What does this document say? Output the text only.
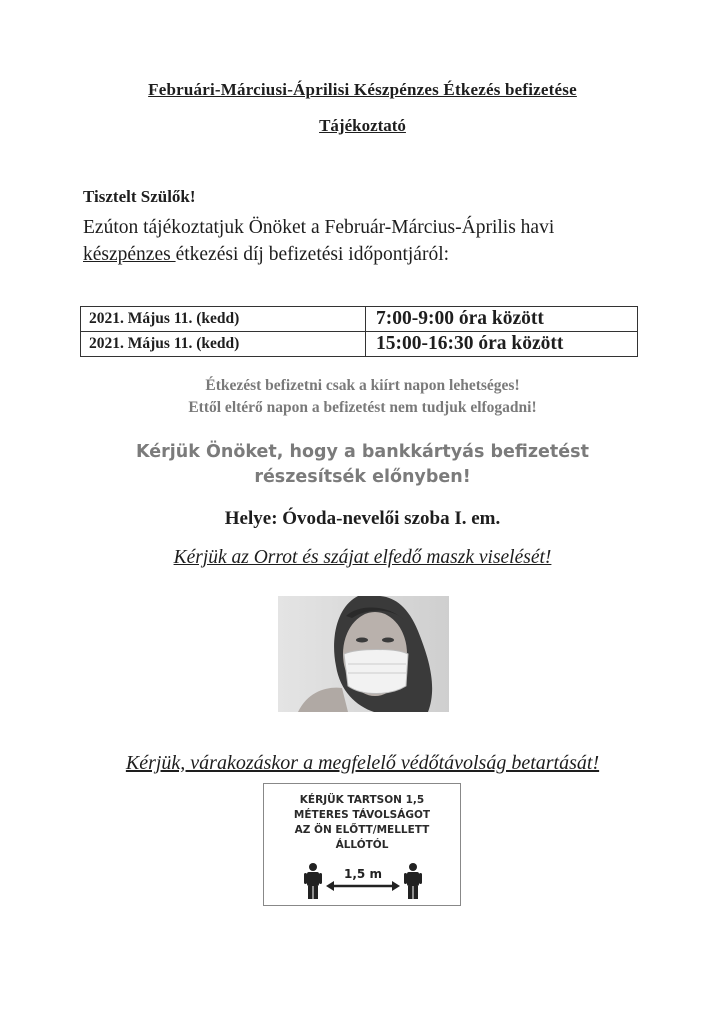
Februári-Márciusi-Áprilisi Készpénzes Étkezés befizetése
Tájékoztató
Tisztelt Szülők!
Ezúton tájékoztatjuk Önöket a Február-Március-Április havi
készpénzes étkezési díj befizetési időpontjáról:
2021. Május 11. (kedd)	7:00-9:00 óra között
2021. Május 11. (kedd)	15:00-16:30 óra között
Étkezést befizetni csak a kiírt napon lehetséges!
Ettől eltérő napon a befizetést nem tudjuk elfogadni!
Kérjük Önöket, hogy a bankkártyás befizetést
részesítsék előnyben!
Helye: Óvoda-nevelői szoba I. em.
Kérjük az Orrot és szájat elfedő maszk viselését!
Kérjük, várakozáskor a megfelelő védőtávolság betartását!
KÉRJÜK TARTSON 1,5
MÉTERES TÁVOLSÁGOT
AZ ÖN ELŐTT/MELLETT
ÁLLÓTÓL
1,5 m
